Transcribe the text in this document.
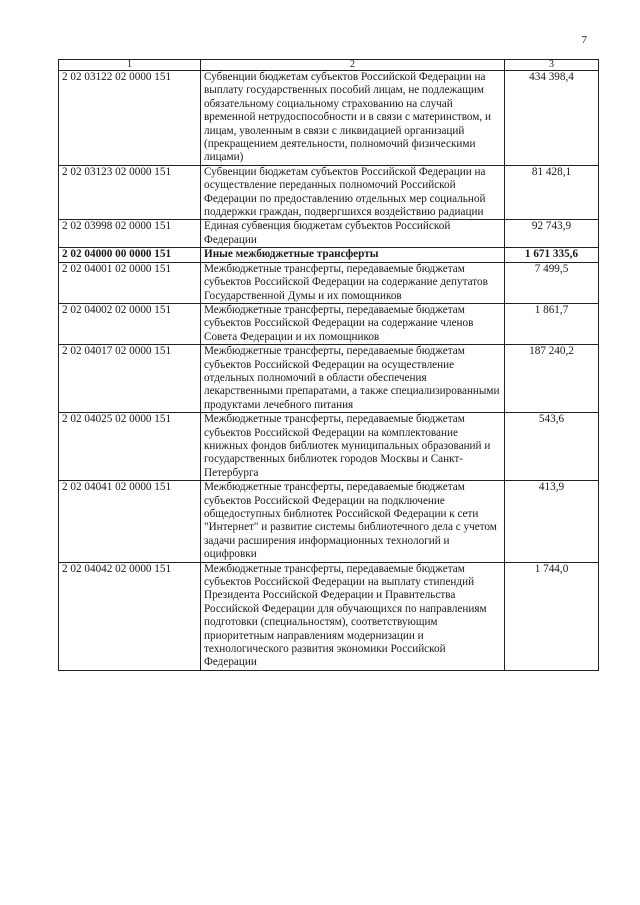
7
1	2	3
2 02 03122 02 0000 151	Субвенции бюджетам субъектов Российской Федерации на выплату государственных пособий лицам, не подлежащим обязательному социальному страхованию на случай временной нетрудоспособности и в связи с материнством, и лицам, уволенным в связи с ликвидацией организаций (прекращением деятельности, полномочий физическими лицами)	434 398,4
2 02 03123 02 0000 151	Субвенции бюджетам субъектов Российской Федерации на осуществление переданных полномочий Российской Федерации по предоставлению отдельных мер социальной поддержки граждан, подвергшихся воздействию радиации	81 428,1
2 02 03998 02 0000 151	Единая субвенция бюджетам субъектов Российской Федерации	92 743,9
2 02 04000 00 0000 151	Иные межбюджетные трансферты	1 671 335,6
2 02 04001 02 0000 151	Межбюджетные трансферты, передаваемые бюджетам субъектов Российской Федерации на содержание депутатов Государственной Думы и их помощников	7 499,5
2 02 04002 02 0000 151	Межбюджетные трансферты, передаваемые бюджетам субъектов Российской Федерации на содержание членов Совета Федерации и их помощников	1 861,7
2 02 04017 02 0000 151	Межбюджетные трансферты, передаваемые бюджетам субъектов Российской Федерации на осуществление отдельных полномочий в области обеспечения лекарственными препаратами, а также специализированными продуктами лечебного питания	187 240,2
2 02 04025 02 0000 151	Межбюджетные трансферты, передаваемые бюджетам субъектов Российской Федерации на комплектование книжных фондов библиотек муниципальных образований и государственных библиотек городов Москвы и Санкт-Петербурга	543,6
2 02 04041 02 0000 151	Межбюджетные трансферты, передаваемые бюджетам субъектов Российской Федерации на подключение общедоступных библиотек Российской Федерации к сети "Интернет" и развитие системы библиотечного дела с учетом задачи расширения информационных технологий и оцифровки	413,9
2 02 04042 02 0000 151	Межбюджетные трансферты, передаваемые бюджетам субъектов Российской Федерации на выплату стипендий Президента Российской Федерации и Правительства Российской Федерации для обучающихся по направлениям подготовки (специальностям), соответствующим приоритетным направлениям модернизации и технологического развития экономики Российской Федерации	1 744,0
